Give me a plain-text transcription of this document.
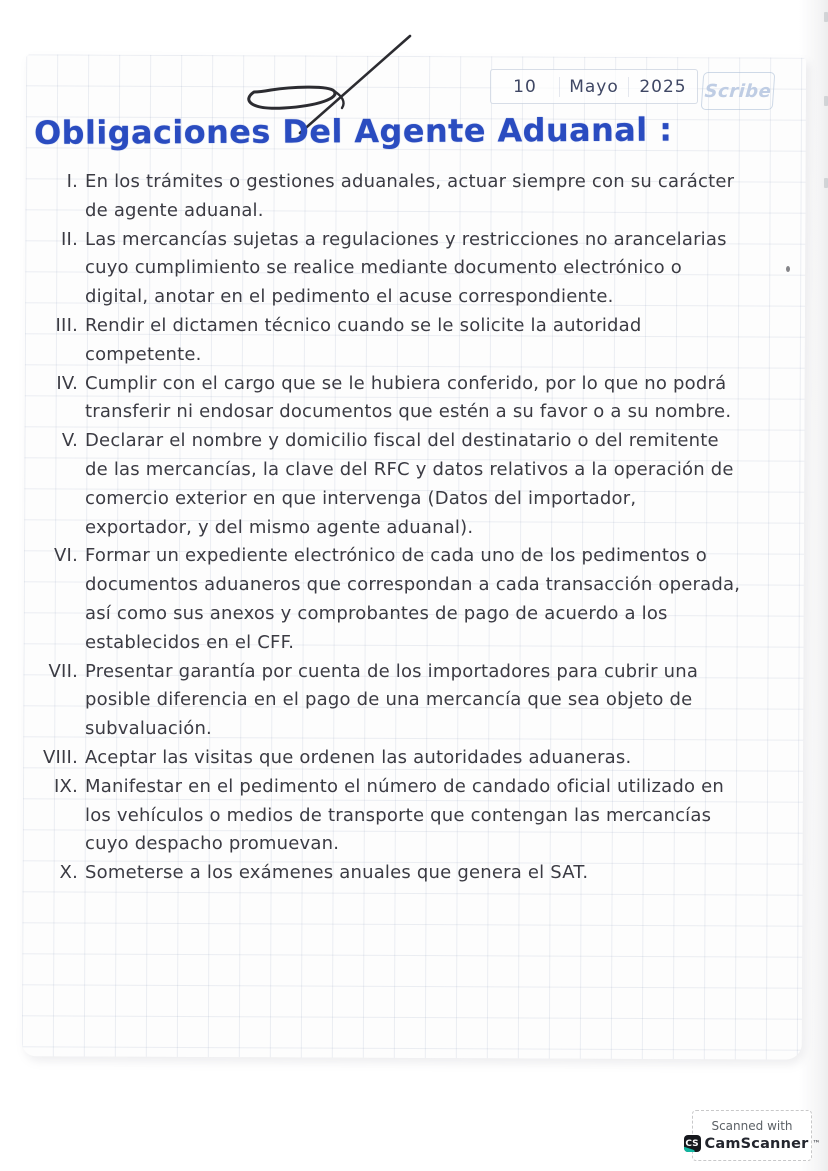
10	Mayo	2025 Scribe
Obligaciones Del Agente Aduanal :
I. En los trámites o gestiones aduanales, actuar siempre con su carácter de agente aduanal.
II. Las mercancías sujetas a regulaciones y restricciones no arancelarias cuyo cumplimiento se realice mediante documento electrónico o digital, anotar en el pedimento el acuse correspondiente.
III. Rendir el dictamen técnico cuando se le solicite la autoridad competente.
IV. Cumplir con el cargo que se le hubiera conferido, por lo que no podrá transferir ni endosar documentos que estén a su favor o a su nombre.
V. Declarar el nombre y domicilio fiscal del destinatario o del remitente de las mercancías, la clave del RFC y datos relativos a la operación de comercio exterior en que intervenga (Datos del importador, exportador, y del mismo agente aduanal).
VI. Formar un expediente electrónico de cada uno de los pedimentos o documentos aduaneros que correspondan a cada transacción operada, así como sus anexos y comprobantes de pago de acuerdo a los establecidos en el CFF.
VII. Presentar garantía por cuenta de los importadores para cubrir una posible diferencia en el pago de una mercancía que sea objeto de subvaluación.
VIII. Aceptar las visitas que ordenen las autoridades aduaneras.
IX. Manifestar en el pedimento el número de candado oficial utilizado en los vehículos o medios de transporte que contengan las mercancías cuyo despacho promuevan.
X. Someterse a los exámenes anuales que genera el SAT.
Scanned with
CS CamScanner ™
